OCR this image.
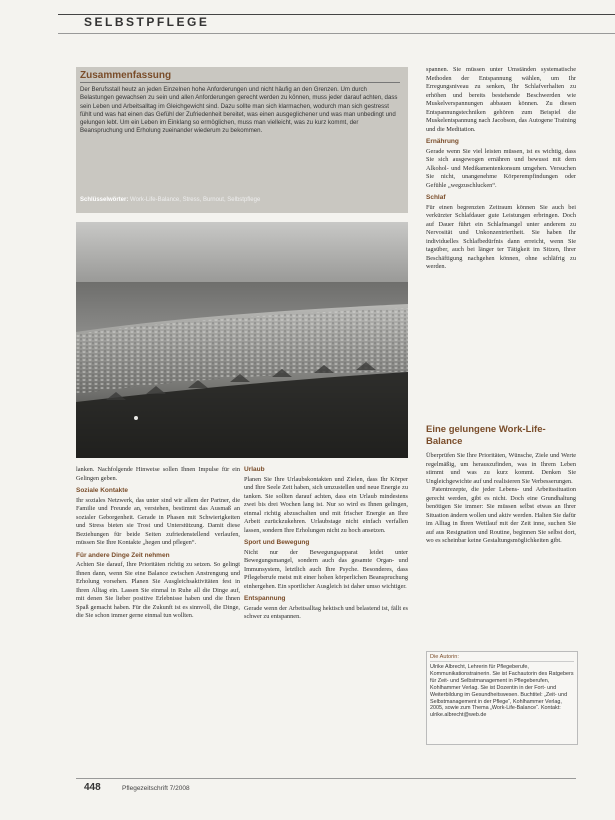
SELBSTPFLEGE
Zusammenfassung
Der Berufsstall heutz an jeden Einzelnen hohe Anforderungen und nicht häufig an den Grenzen. Um durch Belastungen gewachsen zu sein und allen Anforderungen gerecht werden zu können, muss jeder darauf achten, dass sein Leben und Arbeitsalltag im Gleichgewicht sind. Dazu sollte man sich klarmachen, wodurch man sich gestresst fühlt und was hat einen das Gefühl der Zufriedenheit bereitet, was einen ausgeglichener und was man unbedingt und gelungen lebt. Um ein Leben im Einklang so ermöglichen, muss man vielleicht, was zu kurz kommt, der Beanspruchung und Erholung zueinander wiederum zu bekommen.
Schlüsselwörter: Work-Life-Balance, Stress, Burnout, Selbstpflege
lanken. Nachfolgende Hinweise sollen Ihnen Impulse für ein Gelingen geben.
Soziale Kontakte
Ihr soziales Netzwerk, das unter sind wir allem der Partner, die Familie und Freunde an, verstehen, bestimmt das Ausmaß an sozialer Geborgenheit. Gerade in Phasen mit Schwierigkeiten und Stress bieten sie Trost und Unterstützung. Damit diese Beziehungen für beide Seiten zufriedenstellend verlaufen, müssen Sie Ihre Kontakte „hegen und pflegen“.
Für andere Dinge Zeit nehmen
Achten Sie darauf, Ihre Prioritäten richtig zu setzen. So gelingt Ihnen dann, wenn Sie eine Balance zwischen Anstrengung und Erholung vorsehen. Planen Sie Ausgleichsaktivitäten fest in Ihren Alltag ein. Lassen Sie einmal in Ruhe all die Dinge auf, mit denen Sie lieber positive Erlebnisse haben und die Ihnen Spaß gemacht haben. Für die Zukunft ist es sinnvoll, die Dinge, die Sie schon immer gerne einmal tun wollten.
Urlaub
Planen Sie Ihre Urlaubskontakten und Zielen, dass Ihr Körper und Ihre Seele Zeit haben, sich umzustellen und neue Energie zu tanken. Sie sollten darauf achten, dass ein Urlaub mindestens zwei bis drei Wochen lang ist. Nur so wird es Ihnen gelingen, einmal richtig abzuschalten und mit frischer Energie an Ihre Arbeit zurückzukehren. Urlaubstage nicht einfach verfallen lassen, sondern Ihre Erholungen nicht zu hoch ansetzen.
Sport und Bewegung
Nicht nur der Bewegungsapparat leidet unter Bewegungsmangel, sondern auch das gesamte Organ- und Immunsystem, letztlich auch Ihre Psyche. Besonderes, dass Pflegeberufe meist mit einer hohen körperlichen Beanspruchung einhergehen. Ein sportlicher Ausgleich ist daher umso wichtiger.
Entspannung
Gerade wenn der Arbeitsalltag hektisch und belastend ist, fällt es schwer zu entspannen.
spannen. Sie müssen unter Umständen systematische Methoden der Entspannung wählen, um Ihr Erregungsniveau zu senken, Ihr Schlafverhalten zu erhöhen und bereits bestehende Beschwerden wie Muskelverspannungen abbauen können. Zu diesen Entspannungstechniken gehören zum Beispiel die Muskelentspannung nach Jacobson, das Autogene Training und die Meditation.
Ernährung
Gerade wenn Sie viel leisten müssen, ist es wichtig, dass Sie sich ausgewogen ernähren und bewusst mit dem Alkohol- und Medikamentenkonsum umgehen. Versuchen Sie nicht, unangenehme Körperempfindungen oder Gefühle „wegzuschlucken“.
Schlaf
Für einen begrenzten Zeitraum können Sie auch bei verkürzter Schlafdauer gute Leistungen erbringen. Doch auf Dauer führt ein Schlafmangel unter anderem zu Nervosität und Unkonzentriertheit. Sie haben Ihr individuelles Schlafbedürfnis dann erreicht, wenn Sie tagsüber, auch bei länger ter Tätigkeit im Sitzen, Ihrer Beschäftigung nachgehen können, ohne schläfrig zu werden.
Eine gelungene Work-Life-Balance
Überprüfen Sie Ihre Prioritäten, Wünsche, Ziele und Werte regelmäßig, um herauszufinden, was in Ihrem Leben stimmt und was zu kurz kommt. Denken Sie Ungleichgewichte auf und realisieren Sie Verbesserungen.
Patentrezepte, die jeder Lebens- und Arbeitssituation gerecht werden, gibt es nicht. Doch eine Grundhaltung benötigen Sie immer: Sie müssen selbst etwas an Ihrer Situation ändern wollen und aktiv werden. Halten Sie dafür im Alltag in Ihren Wettlauf mit der Zeit inne, suchen Sie auf aus Resignation und Routine, beginnen Sie selbst dort, wo es scheinbar keine Gestaltungsmöglichkeiten gibt.
Die Autorin:
Ulrike Albrecht, Lehrerin für Pflegeberufe, Kommunikationstrainerin. Sie ist Fachautorin des Ratgebers für Zeit- und Selbstmanagement in Pflegeberufen, Kohlhammer Verlag. Sie ist Dozentin in der Fort- und Weiterbildung im Gesundheitswesen. Buchtitel: „Zeit- und Selbstmanagement in der Pflege“, Kohlhammer Verlag, 2005, sowie zum Thema „Work-Life-Balance“. Kontakt: ulrike.albrecht@web.de
448	Pflegezeitschrift 7/2008
